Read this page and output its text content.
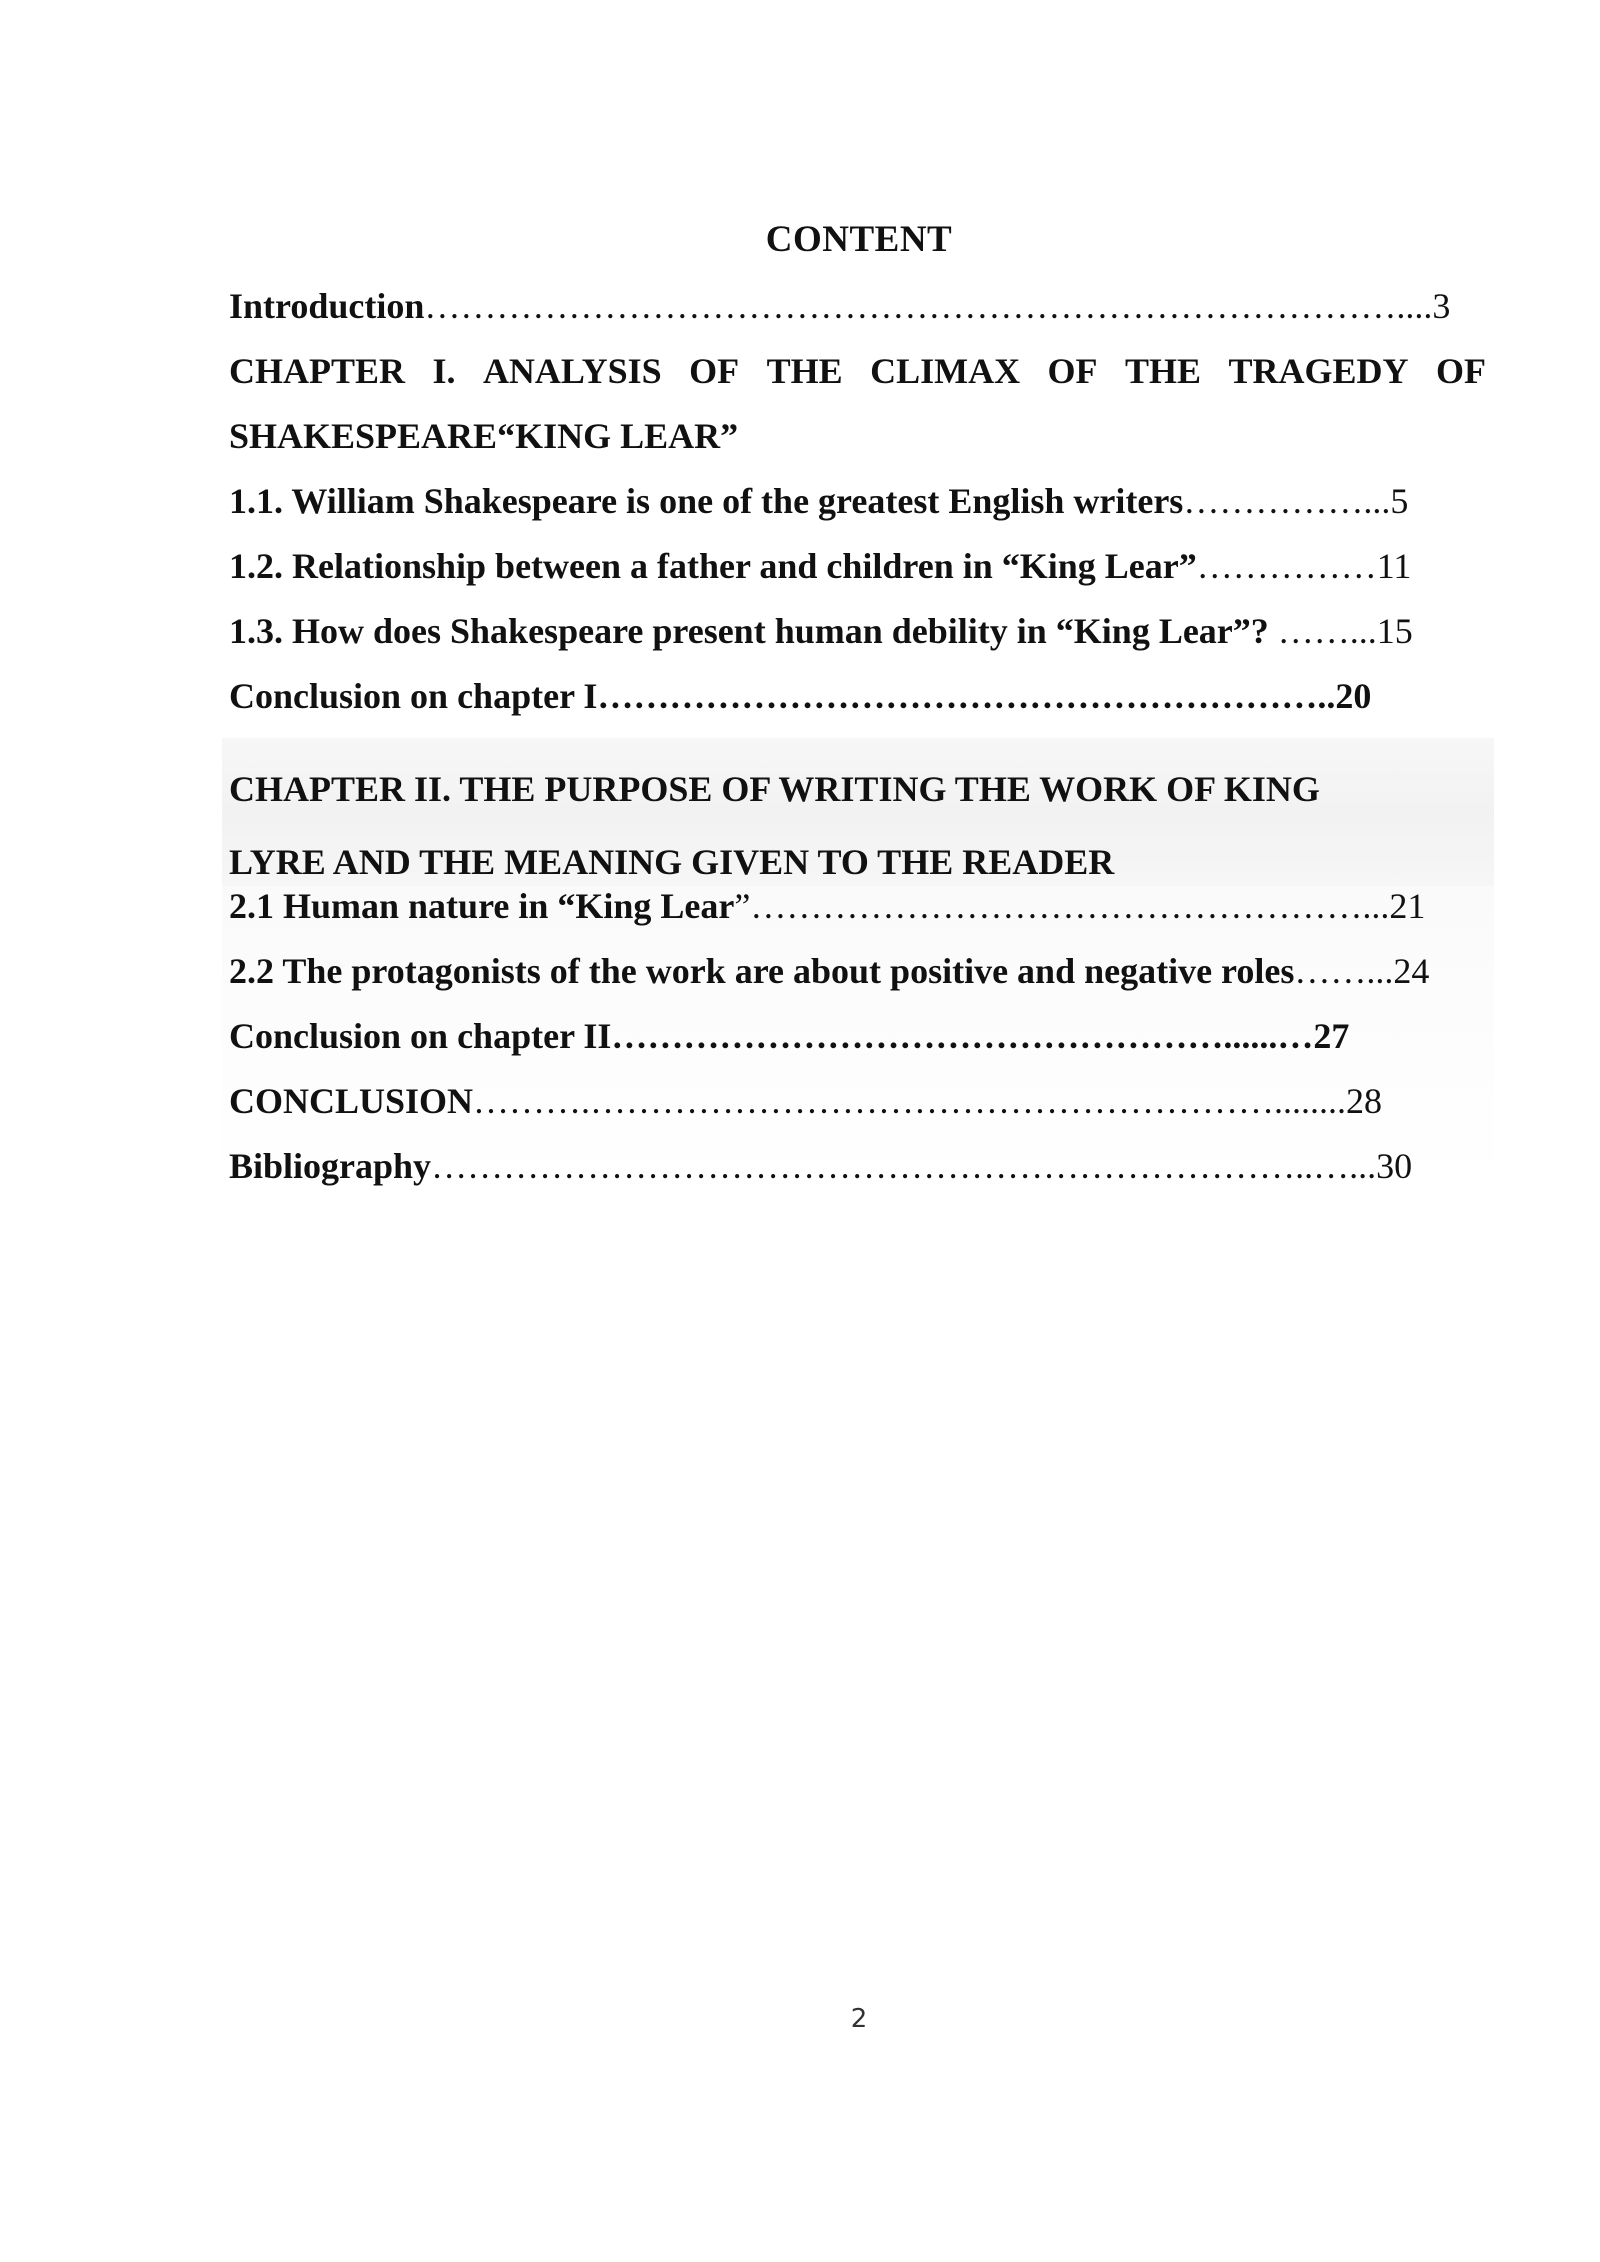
CONTENT
Introduction………………………………………………………………………....3
CHAPTER I. ANALYSIS OF THE CLIMAX OF THE TRAGEDY OF
SHAKESPEARE“KING LEAR”
1.1. William Shakespeare is one of the greatest English writers……………...5
1.2. Relationship between a father and children in “King Lear”……………11
1.3. How does Shakespeare present human debility in “King Lear”? ……...15
Conclusion on chapter I……………………………………………………..20
CHAPTER II. THE PURPOSE OF WRITING THE WORK OF KING
LYRE AND THE MEANING GIVEN TO THE READER
2.1 Human nature in “King Lear”……………………………………………...21
2.2 The protagonists of the work are about positive and negative roles……...24
Conclusion on chapter II……………………………………………......…27
CONCLUSION……….…………………………………………………........28
Bibliography………………………………………………………………..…...30
2
